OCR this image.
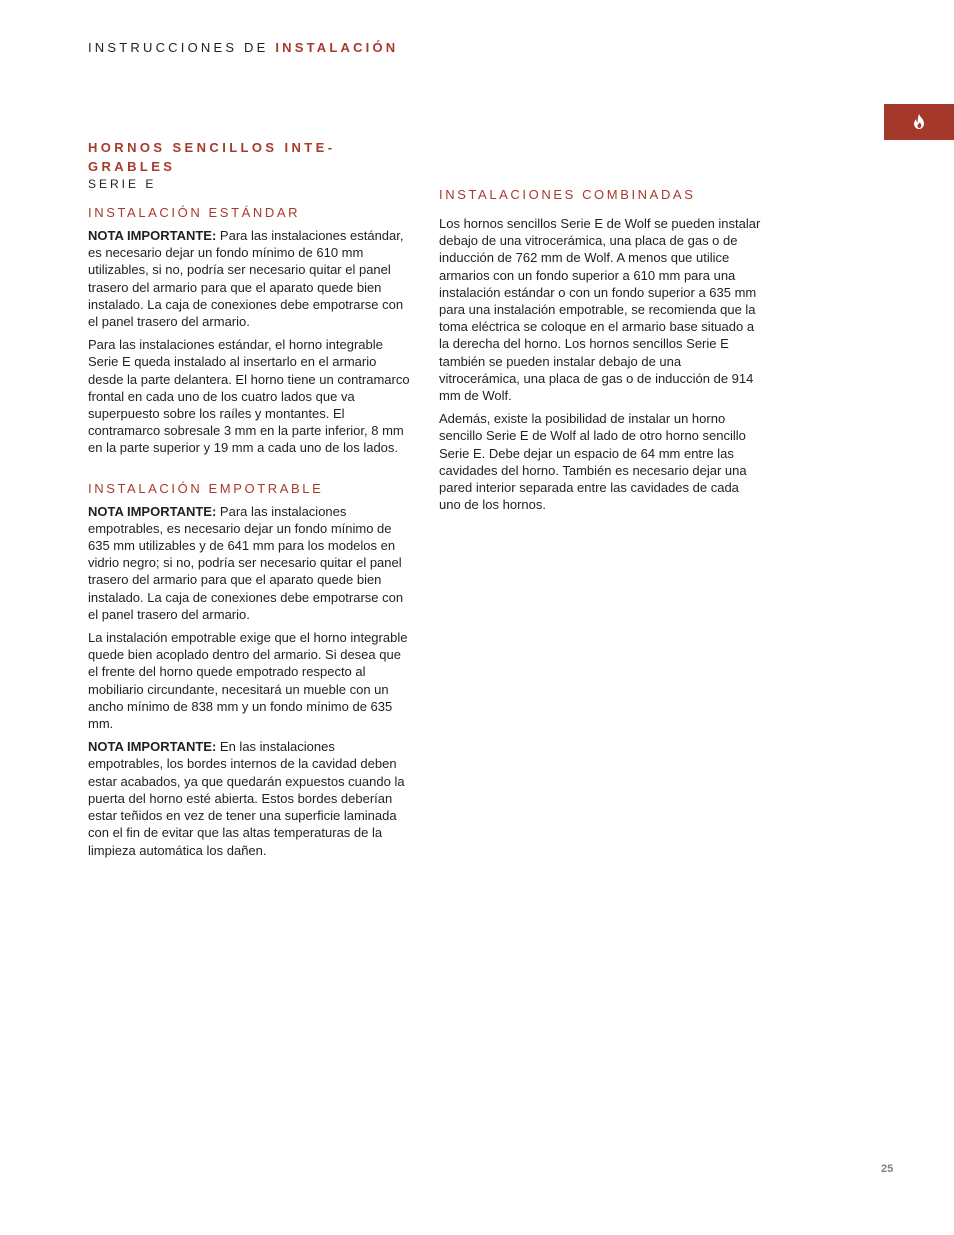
INSTRUCCIONES DE INSTALACIÓN
HORNOS SENCILLOS INTE-GRABLES
SERIE E
INSTALACIÓN ESTÁNDAR

NOTA IMPORTANTE: Para las instalaciones estándar, es necesario dejar un fondo mínimo de 610 mm utilizables, si no, podría ser necesario quitar el panel trasero del armario para que el aparato quede bien instalado. La caja de conexiones debe empotrarse con el panel trasero del armario.

Para las instalaciones estándar, el horno integrable Serie E queda instalado al insertarlo en el armario desde la parte delantera. El horno tiene un contramarco frontal en cada uno de los cuatro lados que va superpuesto sobre los raíles y montantes. El contramarco sobresale 3 mm en la parte inferior, 8 mm en la parte superior y 19 mm a cada uno de los lados.

INSTALACIÓN EMPOTRABLE

NOTA IMPORTANTE: Para las instalaciones empotrables, es necesario dejar un fondo mínimo de 635 mm utilizables y de 641 mm para los modelos en vidrio negro; si no, podría ser necesario quitar el panel trasero del armario para que el aparato quede bien instalado. La caja de conexiones debe empotrarse con el panel trasero del armario.

La instalación empotrable exige que el horno integrable quede bien acoplado dentro del armario. Si desea que el frente del horno quede empotrado respecto al mobiliario circundante, necesitará un mueble con un ancho mínimo de 838 mm y un fondo mínimo de 635 mm.

NOTA IMPORTANTE: En las instalaciones empotrables, los bordes internos de la cavidad deben estar acabados, ya que quedarán expuestos cuando la puerta del horno esté abierta. Estos bordes deberían estar teñidos en vez de tener una superficie laminada con el fin de evitar que las altas temperaturas de la limpieza automática los dañen.

INSTALACIONES COMBINADAS

Los hornos sencillos Serie E de Wolf se pueden instalar debajo de una vitrocerámica, una placa de gas o de inducción de 762 mm de Wolf. A menos que utilice armarios con un fondo superior a 610 mm para una instalación estándar o con un fondo superior a 635 mm para una instalación empotrable, se recomienda que la toma eléctrica se coloque en el armario base situado a la derecha del horno. Los hornos sencillos Serie E también se pueden instalar debajo de una vitrocerámica, una placa de gas o de inducción de 914 mm de Wolf.

Además, existe la posibilidad de instalar un horno sencillo Serie E de Wolf al lado de otro horno sencillo Serie E. Debe dejar un espacio de 64 mm entre las cavidades del horno. También es necesario dejar una pared interior separada entre las cavidades de cada uno de los hornos.

25
